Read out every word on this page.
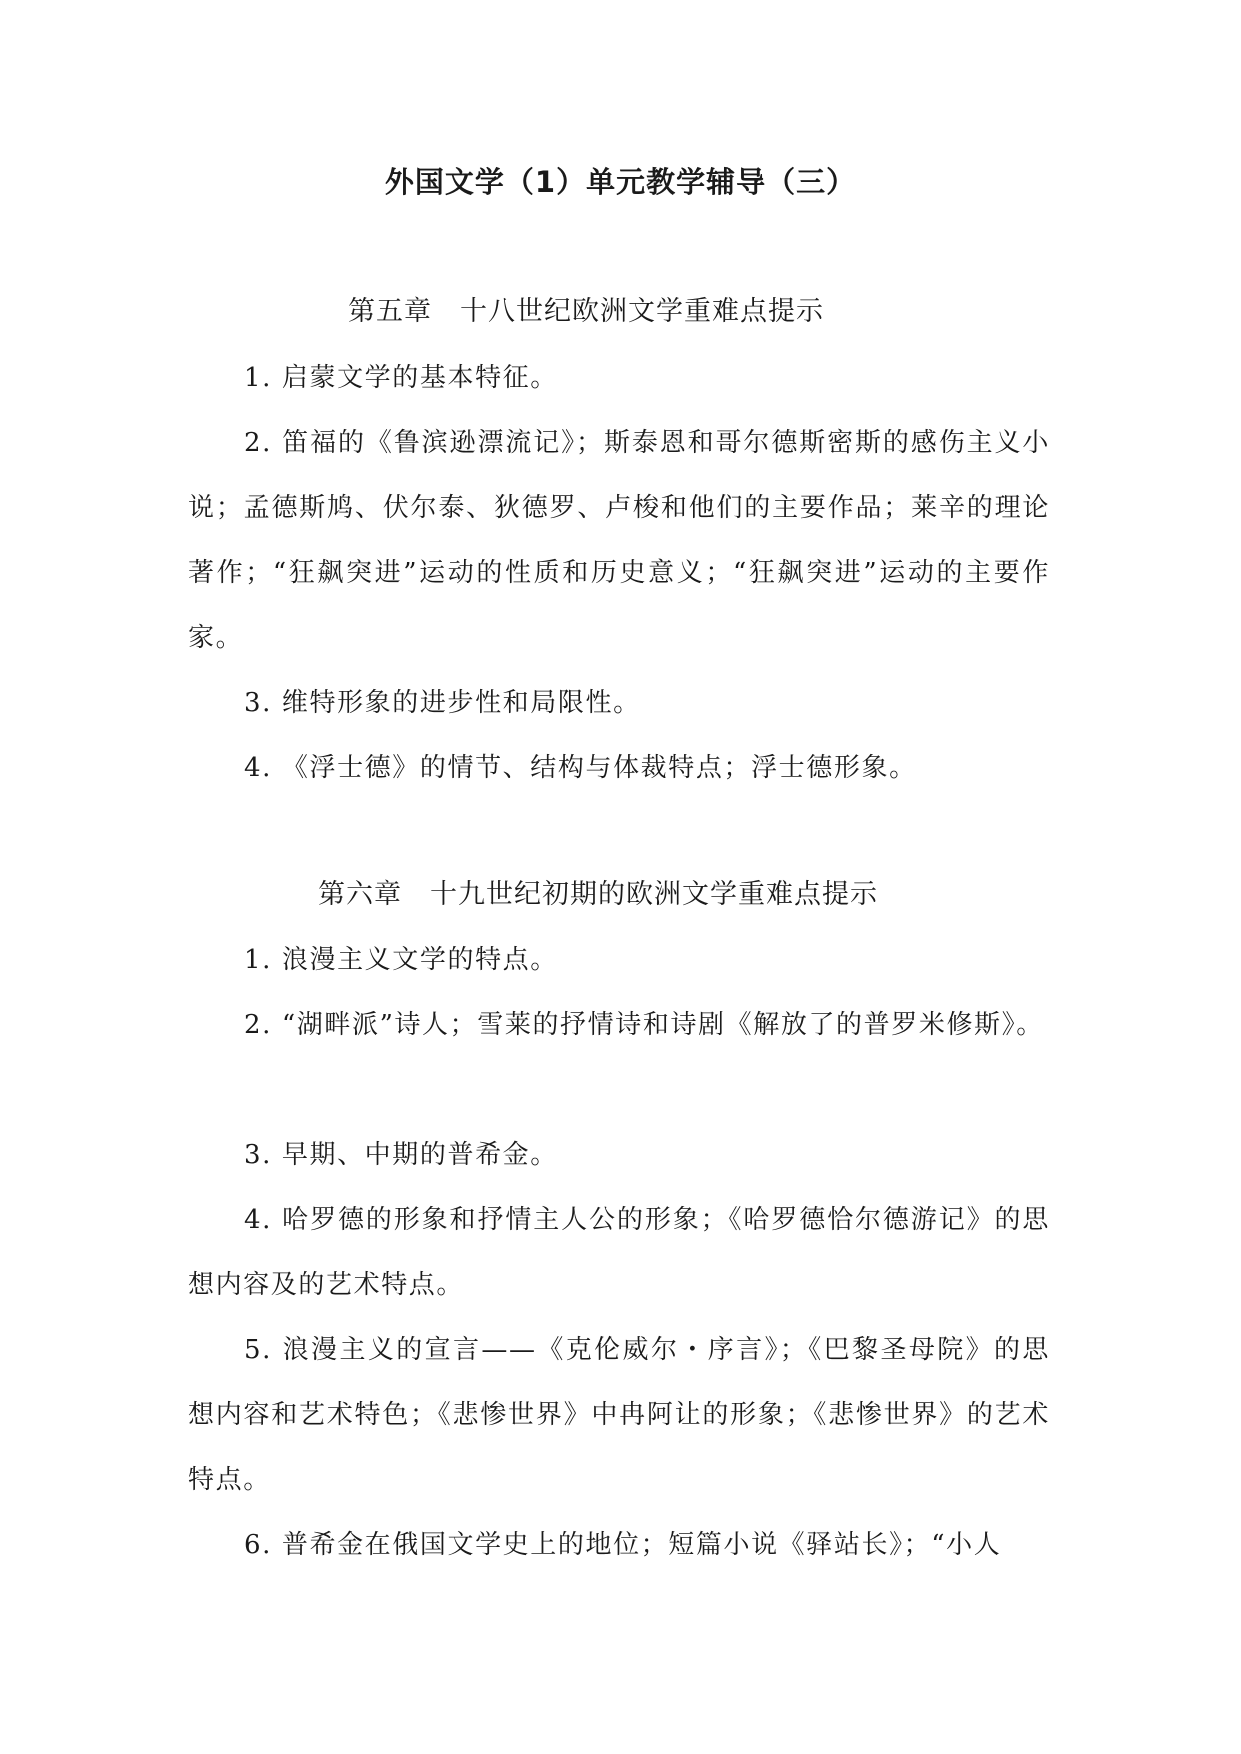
外国文学（1）单元教学辅导（三）
第五章　十八世纪欧洲文学重难点提示

1. 启蒙文学的基本特征。

2. 笛福的《鲁滨逊漂流记》；斯泰恩和哥尔德斯密斯的感伤主义小说；孟德斯鸠、伏尔泰、狄德罗、卢梭和他们的主要作品；莱辛的理论著作；“狂飙突进”运动的性质和历史意义；“狂飙突进”运动的主要作家。

3. 维特形象的进步性和局限性。

4. 《浮士德》的情节、结构与体裁特点；浮士德形象。

第六章　十九世纪初期的欧洲文学重难点提示

1. 浪漫主义文学的特点。

2. “湖畔派”诗人；雪莱的抒情诗和诗剧《解放了的普罗米修斯》。

3. 早期、中期的普希金。

4. 哈罗德的形象和抒情主人公的形象；《哈罗德恰尔德游记》的思想内容及的艺术特点。

5. 浪漫主义的宣言——《克伦威尔・序言》；《巴黎圣母院》的思想内容和艺术特色；《悲惨世界》中冉阿让的形象；《悲惨世界》的艺术特点。

6. 普希金在俄国文学史上的地位；短篇小说《驿站长》；“小人
